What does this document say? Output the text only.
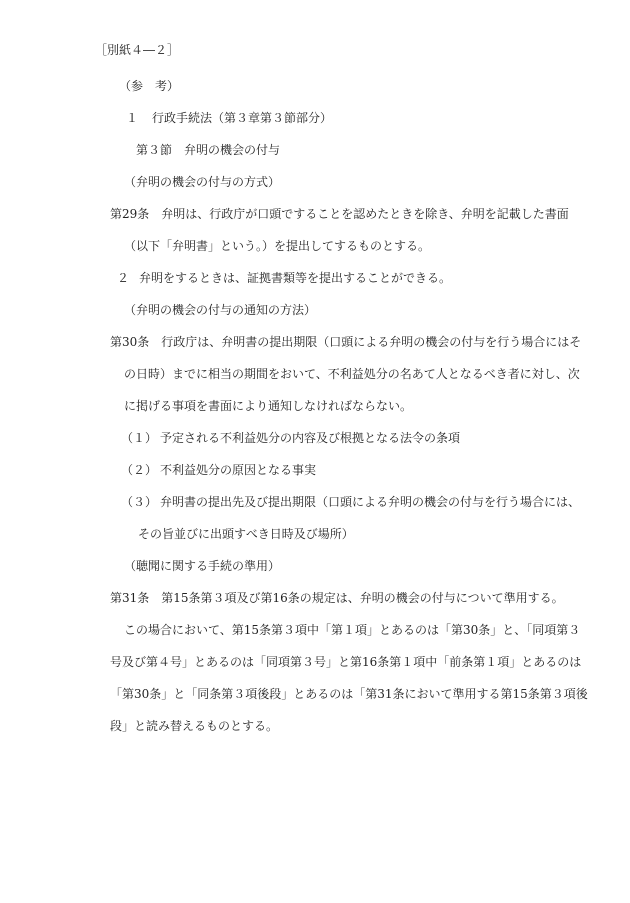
［別紙４―２］
（参　考）
１ 行政手続法（第３章第３節部分）
第３節　弁明の機会の付与
（弁明の機会の付与の方式）
第29条　弁明は、行政庁が口頭ですることを認めたときを除き、弁明を記載した書面
（以下「弁明書」という。）を提出してするものとする。
２ 弁明をするときは、証拠書類等を提出することができる。
（弁明の機会の付与の通知の方法）
第30条　行政庁は、弁明書の提出期限（口頭による弁明の機会の付与を行う場合にはそ
の日時）までに相当の期間をおいて、不利益処分の名あて人となるべき者に対し、次
に掲げる事項を書面により通知しなければならない。
（１） 予定される不利益処分の内容及び根拠となる法令の条項
（２） 不利益処分の原因となる事実
（３） 弁明書の提出先及び提出期限（口頭による弁明の機会の付与を行う場合には、
その旨並びに出頭すべき日時及び場所）
（聴聞に関する手続の準用）
第31条　第15条第３項及び第16条の規定は、弁明の機会の付与について準用する。
この場合において、第15条第３項中「第１項」とあるのは「第30条」と、「同項第３
号及び第４号」とあるのは「同項第３号」と第16条第１項中「前条第１項」とあるのは
「第30条」と「同条第３項後段」とあるのは「第31条において準用する第15条第３項後
段」と読み替えるものとする。
